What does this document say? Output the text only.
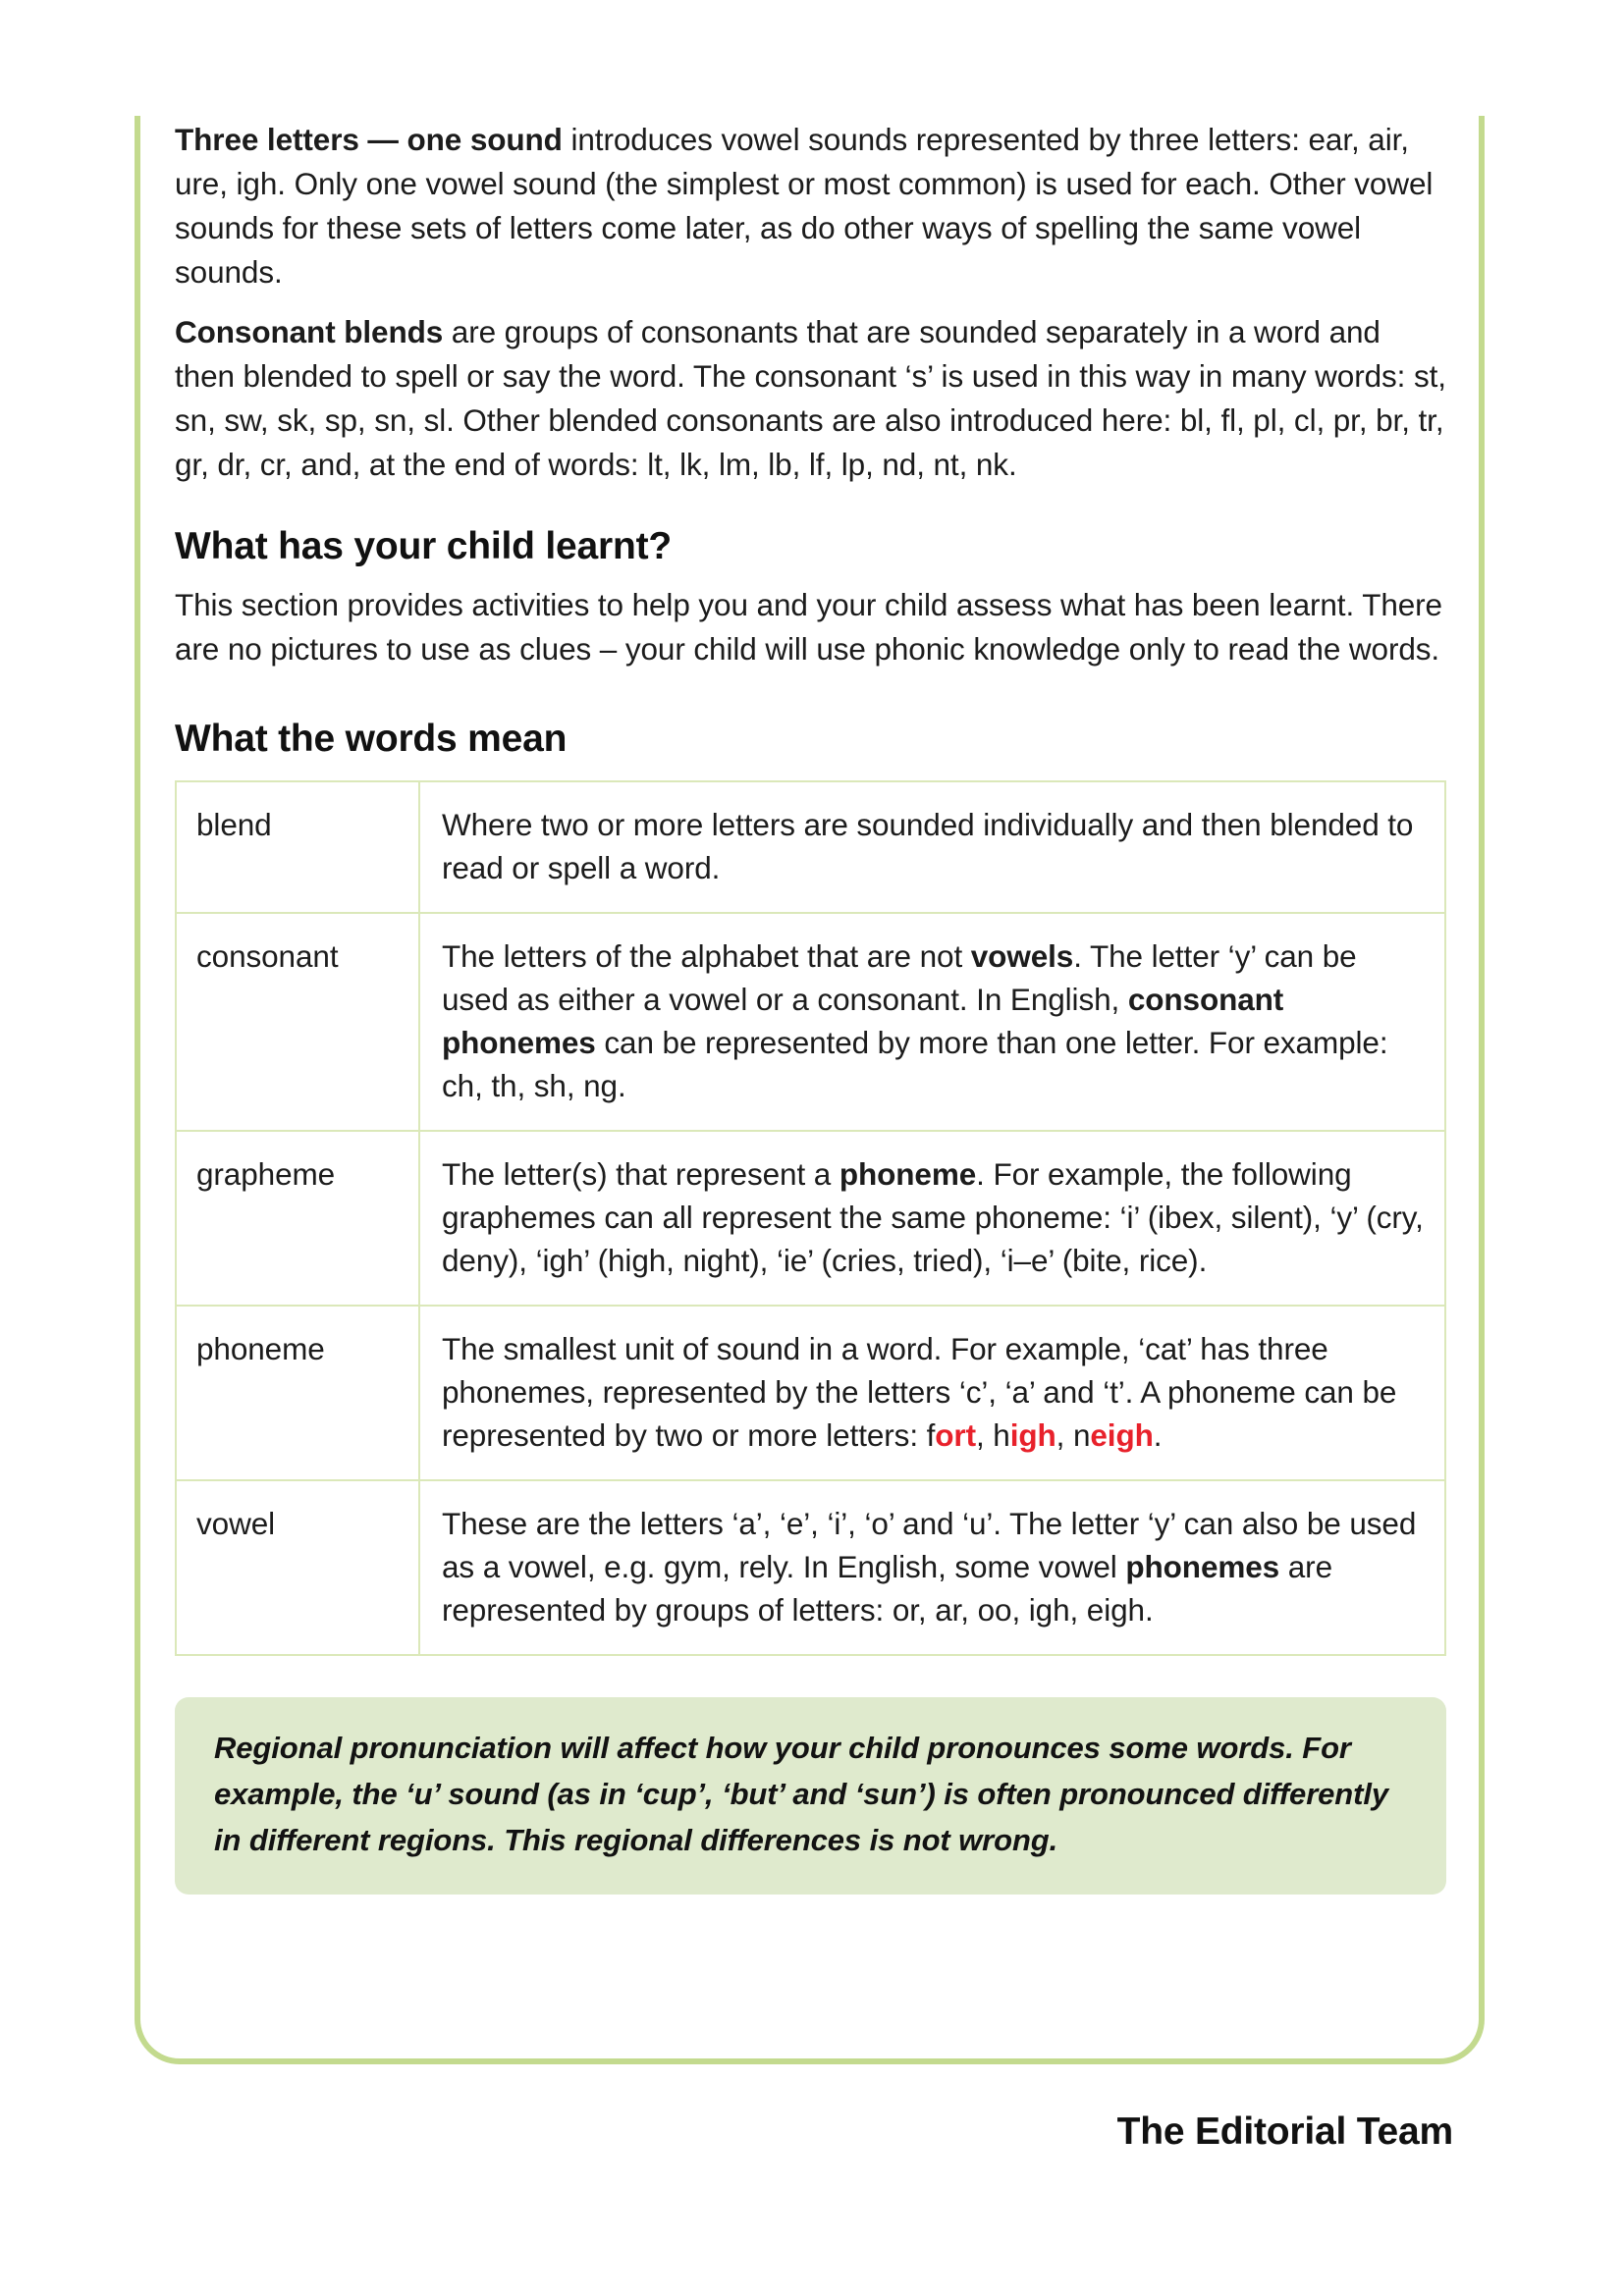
Three letters — one sound introduces vowel sounds represented by three letters: ear, air, ure, igh. Only one vowel sound (the simplest or most common) is used for each. Other vowel sounds for these sets of letters come later, as do other ways of spelling the same vowel sounds.

Consonant blends are groups of consonants that are sounded separately in a word and then blended to spell or say the word. The consonant ‘s’ is used in this way in many words: st, sn, sw, sk, sp, sn, sl. Other blended consonants are also introduced here: bl, fl, pl, cl, pr, br, tr, gr, dr, cr, and, at the end of words: lt, lk, lm, lb, lf, lp, nd, nt, nk.

What has your child learnt?

This section provides activities to help you and your child assess what has been learnt. There are no pictures to use as clues – your child will use phonic knowledge only to read the words.

What the words mean
blend	Where two or more letters are sounded individually and then blended to read or spell a word.
consonant	The letters of the alphabet that are not vowels. The letter ‘y’ can be used as either a vowel or a consonant. In English, consonant phonemes can be represented by more than one letter. For example: ch, th, sh, ng.
grapheme	The letter(s) that represent a phoneme. For example, the following graphemes can all represent the same phoneme: ‘i’ (ibex, silent), ‘y’ (cry, deny), ‘igh’ (high, night), ‘ie’ (cries, tried), ‘i–e’ (bite, rice).
phoneme	The smallest unit of sound in a word. For example, ‘cat’ has three phonemes, represented by the letters ‘c’, ‘a’ and ‘t’. A phoneme can be represented by two or more letters: fort, high, neigh.
vowel	These are the letters ‘a’, ‘e’, ‘i’, ‘o’ and ‘u’. The letter ‘y’ can also be used as a vowel, e.g. gym, rely. In English, some vowel phonemes are represented by groups of letters: or, ar, oo, igh, eigh.

Regional pronunciation will affect how your child pronounces some words. For example, the ‘u’ sound (as in ‘cup’, ‘but’ and ‘sun’) is often pronounced differently in different regions. This regional differences is not wrong.

The Editorial Team
